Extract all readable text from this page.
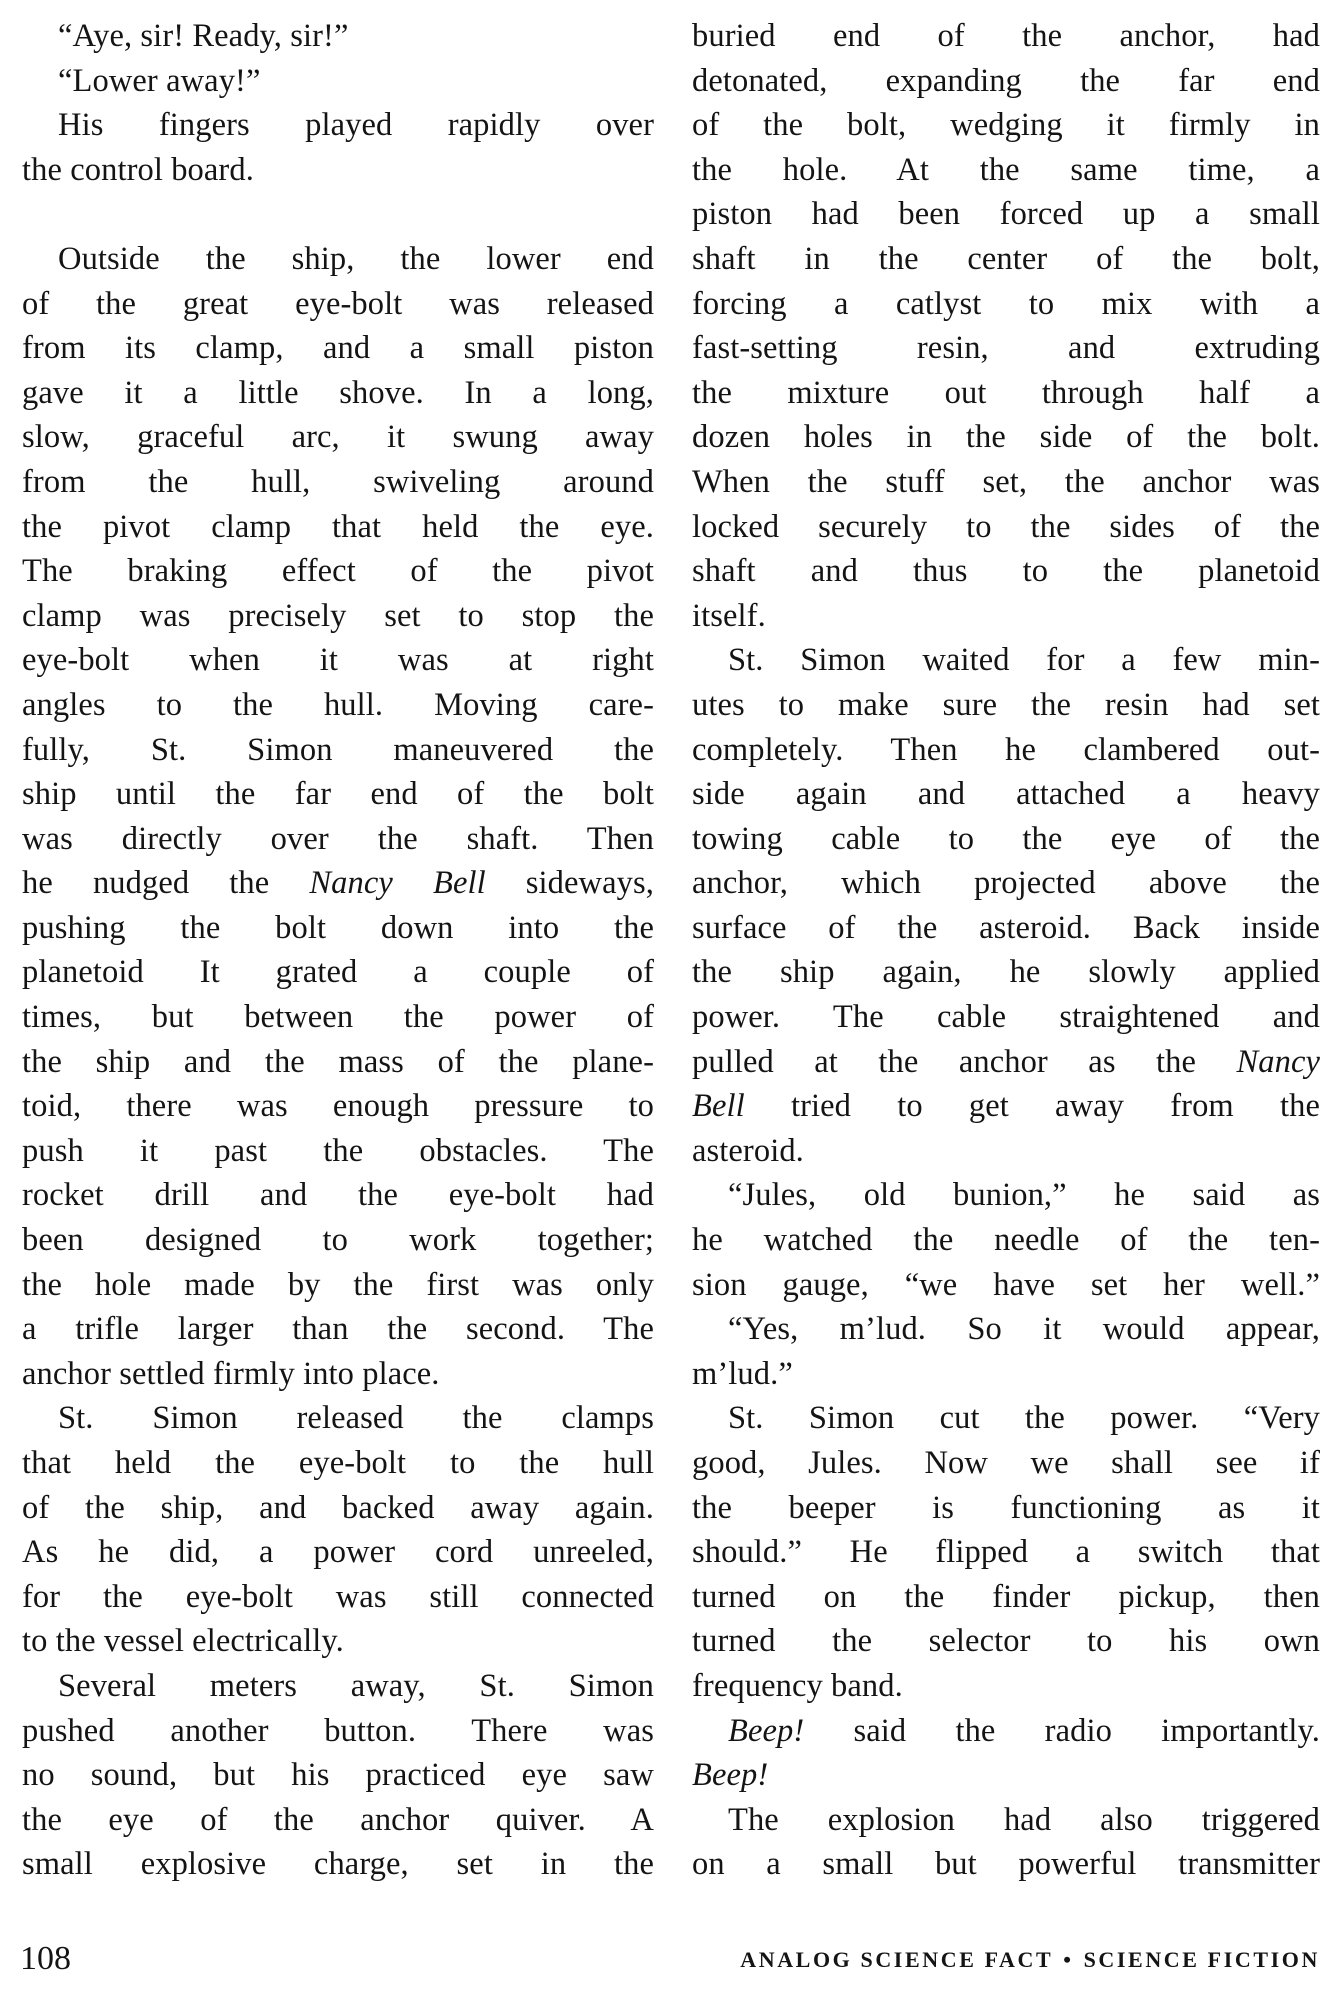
“Aye, sir! Ready, sir!”
“Lower away!”
His fingers played rapidly over
the control board.
Outside the ship, the lower end
of the great eye-bolt was released
from its clamp, and a small piston
gave it a little shove. In a long,
slow, graceful arc, it swung away
from the hull, swiveling around
the pivot clamp that held the eye.
The braking effect of the pivot
clamp was precisely set to stop the
eye-bolt when it was at right
angles to the hull. Moving care-
fully, St. Simon maneuvered the
ship until the far end of the bolt
was directly over the shaft. Then
he nudged the Nancy Bell sideways,
pushing the bolt down into the
planetoid It grated a couple of
times, but between the power of
the ship and the mass of the plane-
toid, there was enough pressure to
push it past the obstacles. The
rocket drill and the eye-bolt had
been designed to work together;
the hole made by the first was only
a trifle larger than the second. The
anchor settled firmly into place.
St. Simon released the clamps
that held the eye-bolt to the hull
of the ship, and backed away again.
As he did, a power cord unreeled,
for the eye-bolt was still connected
to the vessel electrically.
Several meters away, St. Simon
pushed another button. There was
no sound, but his practiced eye saw
the eye of the anchor quiver. A
small explosive charge, set in the
buried end of the anchor, had
detonated, expanding the far end
of the bolt, wedging it firmly in
the hole. At the same time, a
piston had been forced up a small
shaft in the center of the bolt,
forcing a catlyst to mix with a
fast-setting resin, and extruding
the mixture out through half a
dozen holes in the side of the bolt.
When the stuff set, the anchor was
locked securely to the sides of the
shaft and thus to the planetoid
itself.
St. Simon waited for a few min-
utes to make sure the resin had set
completely. Then he clambered out-
side again and attached a heavy
towing cable to the eye of the
anchor, which projected above the
surface of the asteroid. Back inside
the ship again, he slowly applied
power. The cable straightened and
pulled at the anchor as the Nancy
Bell tried to get away from the
asteroid.
“Jules, old bunion,” he said as
he watched the needle of the ten-
sion gauge, “we have set her well.”
“Yes, m’lud. So it would appear,
m’lud.”
St. Simon cut the power. “Very
good, Jules. Now we shall see if
the beeper is functioning as it
should.” He flipped a switch that
turned on the finder pickup, then
turned the selector to his own
frequency band.
Beep! said the radio importantly.
Beep!
The explosion had also triggered
on a small but powerful transmitter
108	ANALOG SCIENCE FACT • SCIENCE FICTION
